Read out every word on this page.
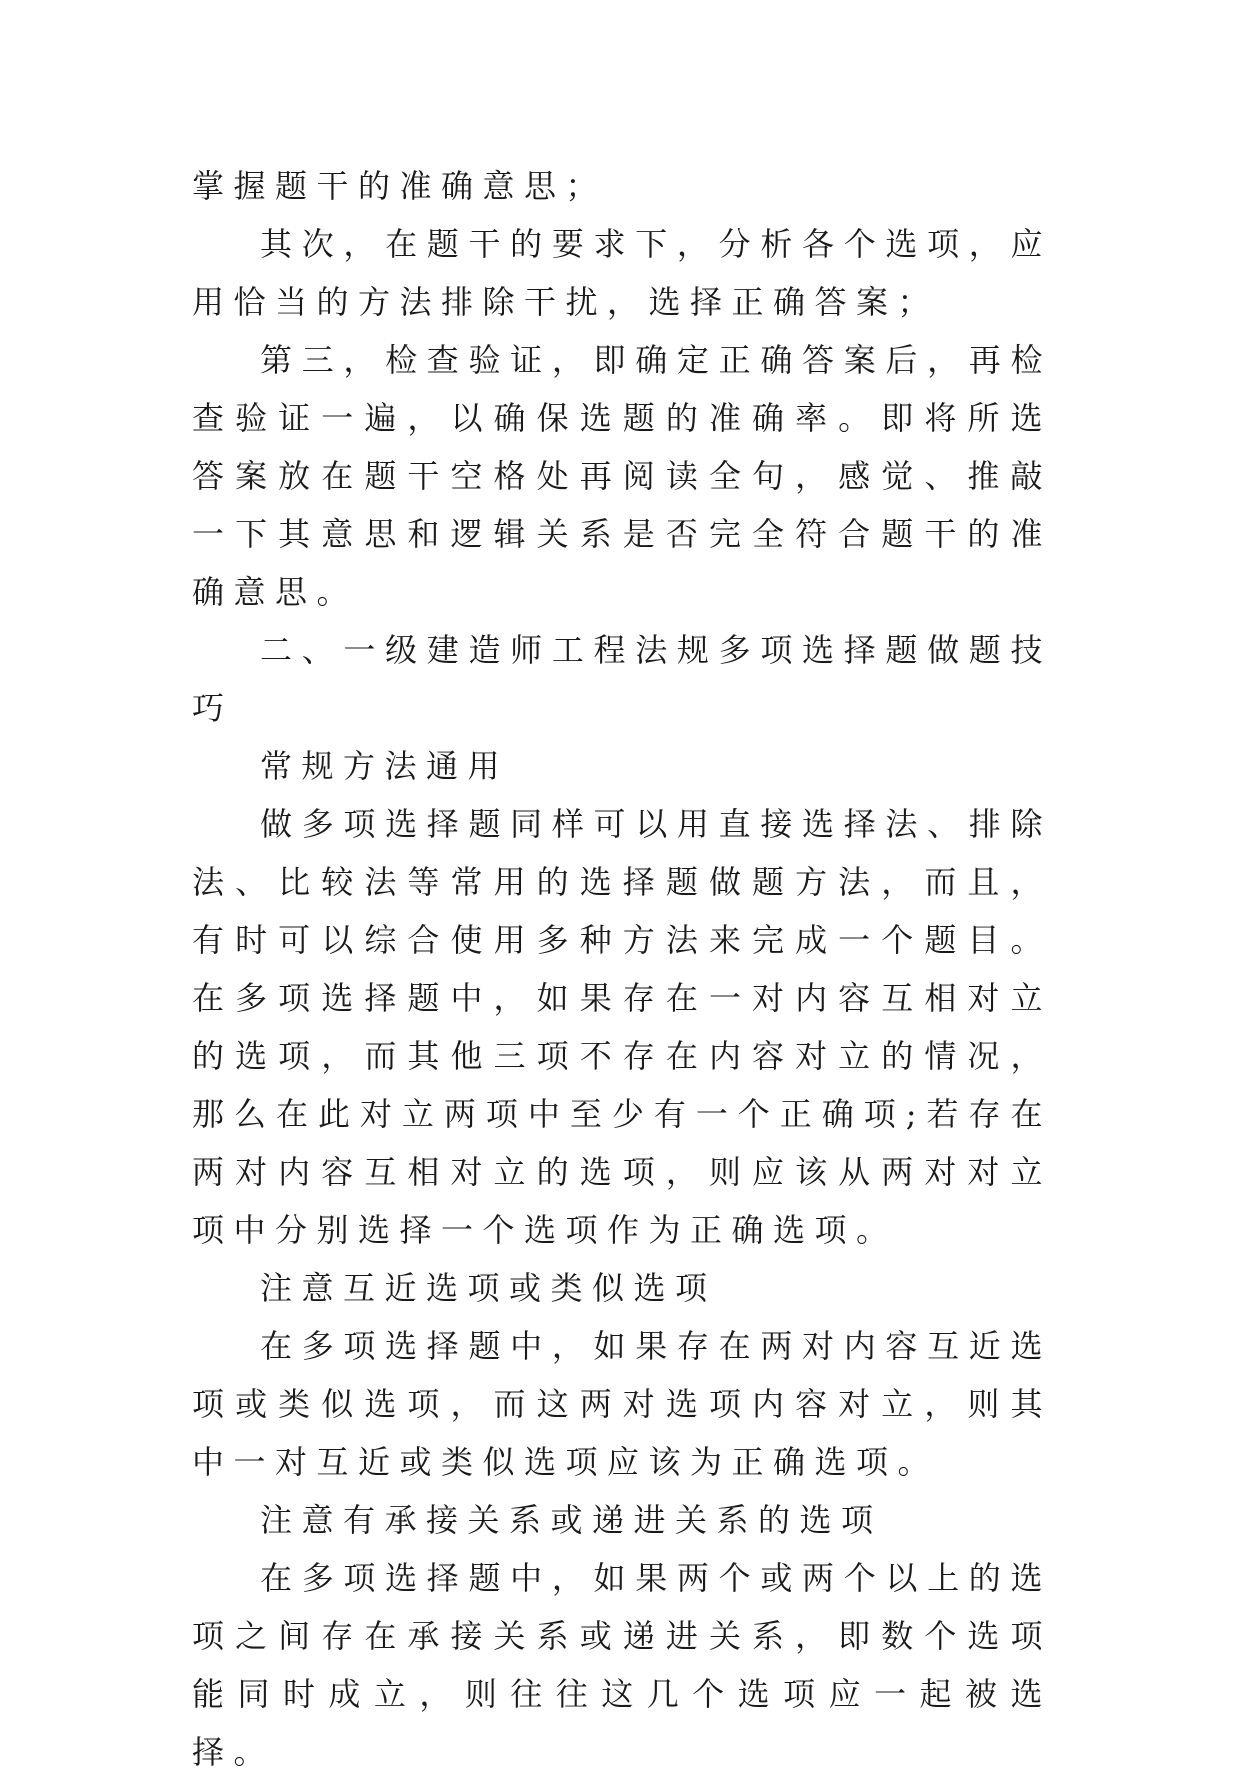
掌握题干的准确意思；

其次，在题干的要求下，分析各个选项，应用恰当的方法排除干扰，选择正确答案；

第三，检查验证，即确定正确答案后，再检查验证一遍，以确保选题的准确率。即将所选答案放在题干空格处再阅读全句，感觉、推敲一下其意思和逻辑关系是否完全符合题干的准确意思。

二、一级建造师工程法规多项选择题做题技巧

常规方法通用

做多项选择题同样可以用直接选择法、排除法、比较法等常用的选择题做题方法，而且，有时可以综合使用多种方法来完成一个题目。在多项选择题中，如果存在一对内容互相对立的选项，而其他三项不存在内容对立的情况，那么在此对立两项中至少有一个正确项;若存在两对内容互相对立的选项，则应该从两对对立项中分别选择一个选项作为正确选项。

注意互近选项或类似选项

在多项选择题中，如果存在两对内容互近选项或类似选项，而这两对选项内容对立，则其中一对互近或类似选项应该为正确选项。

注意有承接关系或递进关系的选项

在多项选择题中，如果两个或两个以上的选项之间存在承接关系或递进关系，即数个选项能同时成立，则往往这几个选项应一起被选择。
